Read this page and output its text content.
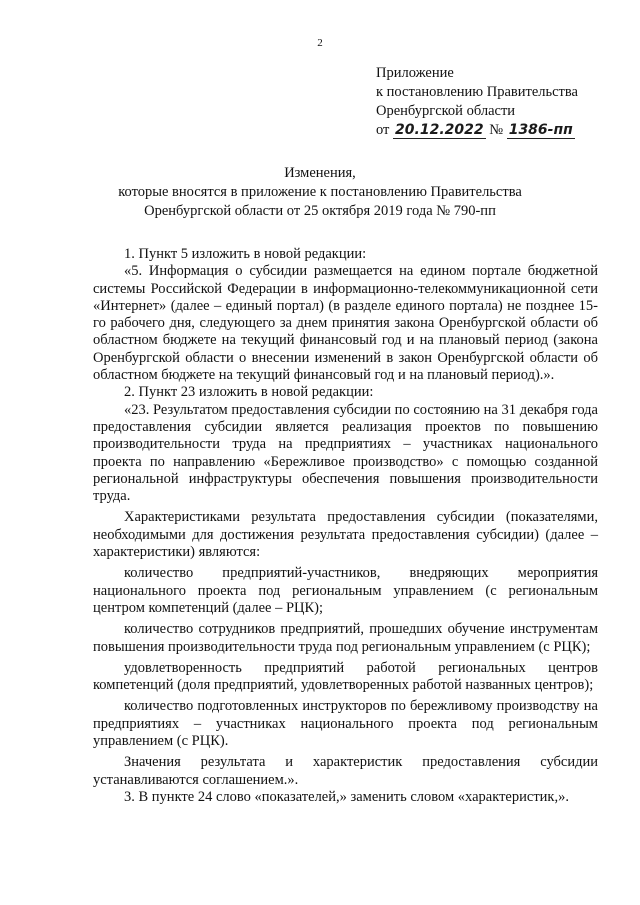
2
Приложение
к постановлению Правительства
Оренбургской области
от 20.12.2022 № 1386-пп
Изменения,
которые вносятся в приложение к постановлению Правительства
Оренбургской области от 25 октября 2019 года № 790-пп

1. Пункт 5 изложить в новой редакции:

«5. Информация о субсидии размещается на едином портале бюджетной системы Российской Федерации в информационно-телекоммуникационной сети «Интернет» (далее – единый портал) (в разделе единого портала) не позднее 15-го рабочего дня, следующего за днем принятия закона Оренбургской области об областном бюджете на текущий финансовый год и на плановый период (закона Оренбургской области о внесении изменений в закон Оренбургской области об областном бюджете на текущий финансовый год и на плановый период).».

2. Пункт 23 изложить в новой редакции:

«23. Результатом предоставления субсидии по состоянию на 31 декабря года предоставления субсидии является реализация проектов по повышению производительности труда на предприятиях – участниках национального проекта по направлению «Бережливое производство» с помощью созданной региональной инфраструктуры обеспечения повышения производительности труда.

Характеристиками результата предоставления субсидии (показателями, необходимыми для достижения результата предоставления субсидии) (далее – характеристики) являются:

количество предприятий-участников, внедряющих мероприятия национального проекта под региональным управлением (с региональным центром компетенций (далее – РЦК);

количество сотрудников предприятий, прошедших обучение инструментам повышения производительности труда под региональным управлением (с РЦК);

удовлетворенность предприятий работой региональных центров компетенций (доля предприятий, удовлетворенных работой названных центров);

количество подготовленных инструкторов по бережливому производству на предприятиях – участниках национального проекта под региональным управлением (с РЦК).

Значения результата и характеристик предоставления субсидии устанавливаются соглашением.».

3. В пункте 24 слово «показателей,» заменить словом «характеристик,».
